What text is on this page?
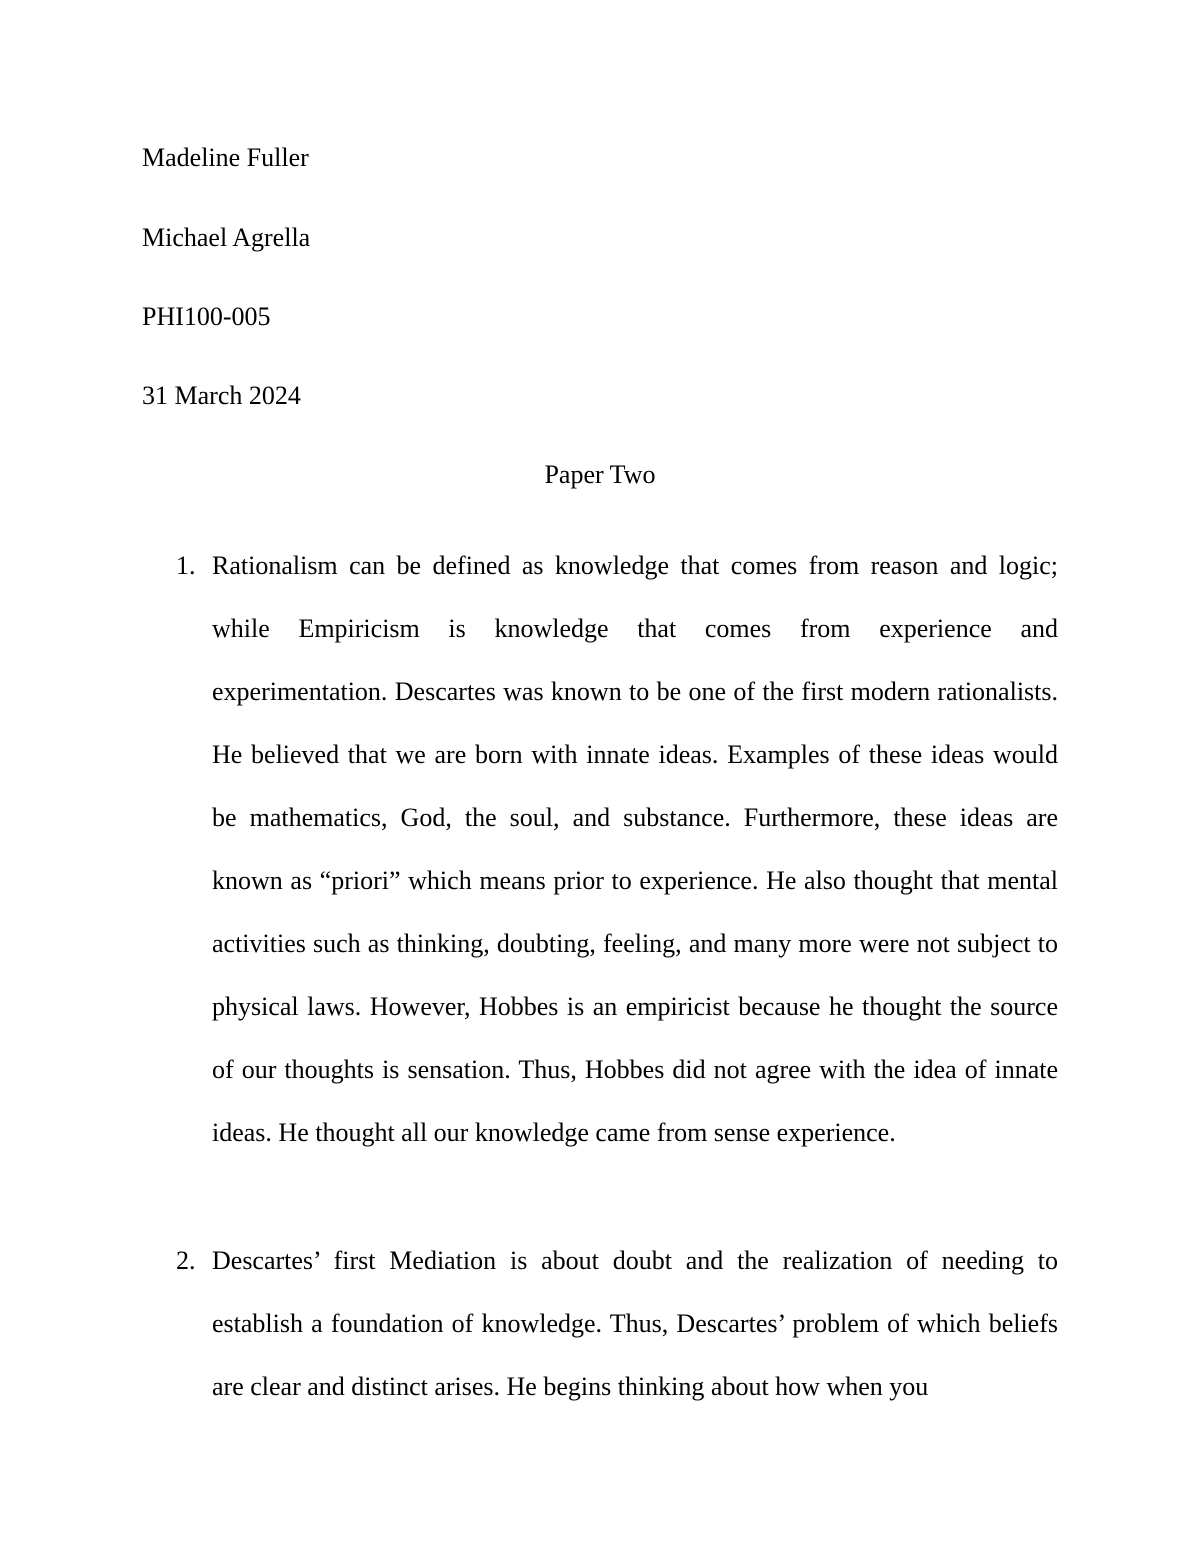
Madeline Fuller
Michael Agrella
PHI100-005
31 March 2024
Paper Two
1. Rationalism can be defined as knowledge that comes from reason and logic; while Empiricism is knowledge that comes from experience and experimentation. Descartes was known to be one of the first modern rationalists. He believed that we are born with innate ideas. Examples of these ideas would be mathematics, God, the soul, and substance. Furthermore, these ideas are known as “priori” which means prior to experience. He also thought that mental activities such as thinking, doubting, feeling, and many more were not subject to physical laws. However, Hobbes is an empiricist because he thought the source of our thoughts is sensation. Thus, Hobbes did not agree with the idea of innate ideas. He thought all our knowledge came from sense experience.
2. Descartes’ first Mediation is about doubt and the realization of needing to establish a foundation of knowledge. Thus, Descartes’ problem of which beliefs are clear and distinct arises. He begins thinking about how when you
